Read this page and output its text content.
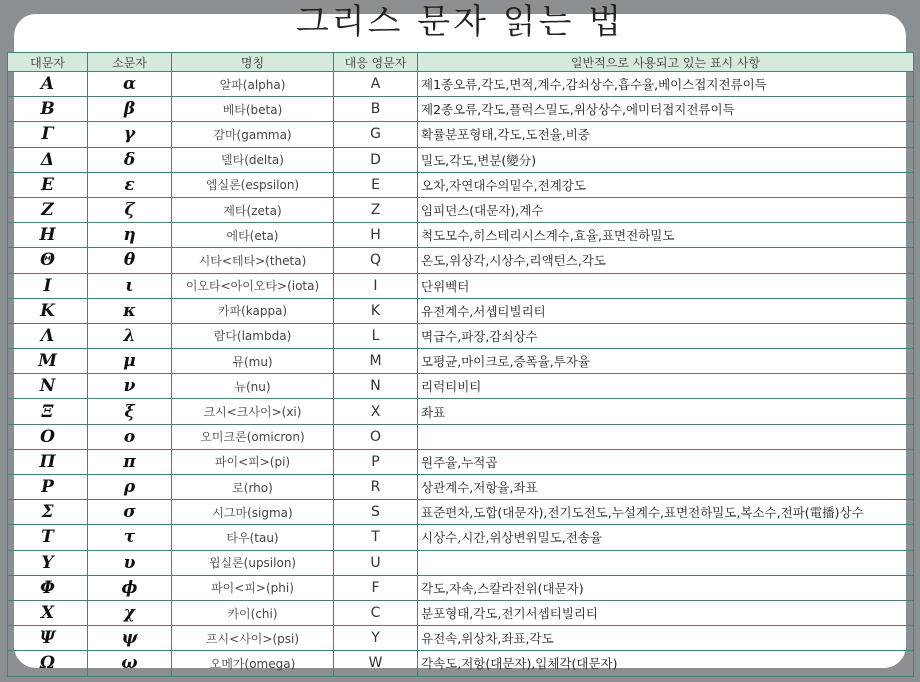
그리스 문자 읽는 법
대문자	소문자	명칭	대응 영문자	일반적으로 사용되고 있는 표시 사항
Α	α	알파(alpha)	A	제1종오류,각도,면적,계수,감쇠상수,흡수율,베이스접지전류이득
Β	β	베타(beta)	B	제2종오류,각도,플럭스밀도,위상상수,에미터접지전류이득
Γ	γ	감마(gamma)	G	확률분포형태,각도,도전율,비중
Δ	δ	델타(delta)	D	밀도,각도,변분(變分)
Ε	ε	엡실론(espsilon)	E	오차,자연대수의밑수,전계강도
Ζ	ζ	제타(zeta)	Z	임피던스(대문자),계수
Η	η	에타(eta)	H	척도모수,히스테리시스계수,효율,표면전하밀도
Θ	θ	시타<테타>(theta)	Q	온도,위상각,시상수,리액턴스,각도
Ι	ι	이오타<아이오타>(iota)	I	단위벡터
Κ	κ	카파(kappa)	K	유전계수,서셉티빌리티
Λ	λ	람다(lambda)	L	멱급수,파장,감쇠상수
Μ	μ	뮤(mu)	M	모평균,마이크로,증폭율,투자율
Ν	ν	뉴(nu)	N	리럭티비티
Ξ	ξ	크시<크사이>(xi)	X	좌표
Ο	ο	오미크론(omicron)	O	
Π	π	파이<피>(pi)	P	원주율,누적곱
Ρ	ρ	로(rho)	R	상관계수,저항율,좌표
Σ	σ	시그마(sigma)	S	표준편차,도합(대문자),전기도전도,누설계수,표면전하밀도,복소수,전파(電播)상수
Τ	τ	타우(tau)	T	시상수,시간,위상변위밀도,전송율
Υ	υ	윕실론(upsilon)	U	
Φ	ϕ	파이<피>(phi)	F	각도,자속,스칼라전위(대문자)
Χ	χ	카이(chi)	C	분포형태,각도,전기서셉티빌리티
Ψ	ψ	프시<사이>(psi)	Y	유전속,위상차,좌표,각도
Ω	ω	오메가(omega)	W	각속도,저항(대문자),입체각(대문자)
